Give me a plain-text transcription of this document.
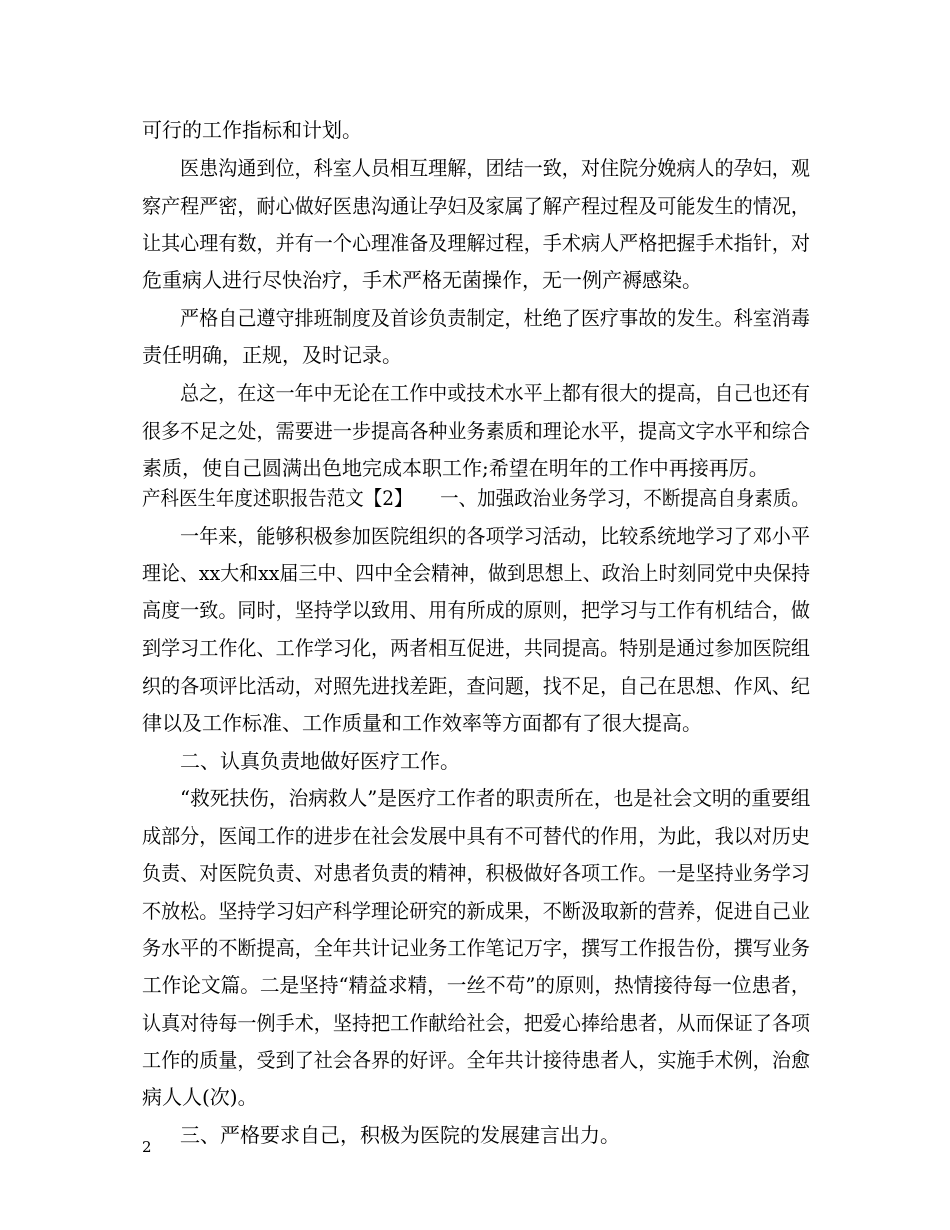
可行的工作指标和计划。
医患沟通到位，科室人员相互理解，团结一致，对住院分娩病人的孕妇，观
察产程严密，耐心做好医患沟通让孕妇及家属了解产程过程及可能发生的情况，
让其心理有数，并有一个心理准备及理解过程，手术病人严格把握手术指针，对
危重病人进行尽快治疗，手术严格无菌操作，无一例产褥感染。
严格自己遵守排班制度及首诊负责制定，杜绝了医疗事故的发生。科室消毒
责任明确，正规，及时记录。
总之，在这一年中无论在工作中或技术水平上都有很大的提高，自己也还有
很多不足之处，需要进一步提高各种业务素质和理论水平，提高文字水平和综合
素质，使自己圆满出色地完成本职工作;希望在明年的工作中再接再厉。
产科医生年度述职报告范文【2】　　一、加强政治业务学习，不断提高自身素质。
一年来，能够积极参加医院组织的各项学习活动，比较系统地学习了邓小平
理论、xx大和xx届三中、四中全会精神，做到思想上、政治上时刻同党中央保持
高度一致。同时，坚持学以致用、用有所成的原则，把学习与工作有机结合，做
到学习工作化、工作学习化，两者相互促进，共同提高。特别是通过参加医院组
织的各项评比活动，对照先进找差距，查问题，找不足，自己在思想、作风、纪
律以及工作标准、工作质量和工作效率等方面都有了很大提高。
二、认真负责地做好医疗工作。
“救死扶伤，治病救人”是医疗工作者的职责所在，也是社会文明的重要组
成部分，医闻工作的进步在社会发展中具有不可替代的作用，为此，我以对历史
负责、对医院负责、对患者负责的精神，积极做好各项工作。一是坚持业务学习
不放松。坚持学习妇产科学理论研究的新成果，不断汲取新的营养，促进自己业
务水平的不断提高，全年共计记业务工作笔记万字，撰写工作报告份，撰写业务
工作论文篇。二是坚持“精益求精，一丝不苟”的原则，热情接待每一位患者，
认真对待每一例手术，坚持把工作献给社会，把爱心捧给患者，从而保证了各项
工作的质量，受到了社会各界的好评。全年共计接待患者人，实施手术例，治愈
病人人(次)。
三、严格要求自己，积极为医院的发展建言出力。
2
